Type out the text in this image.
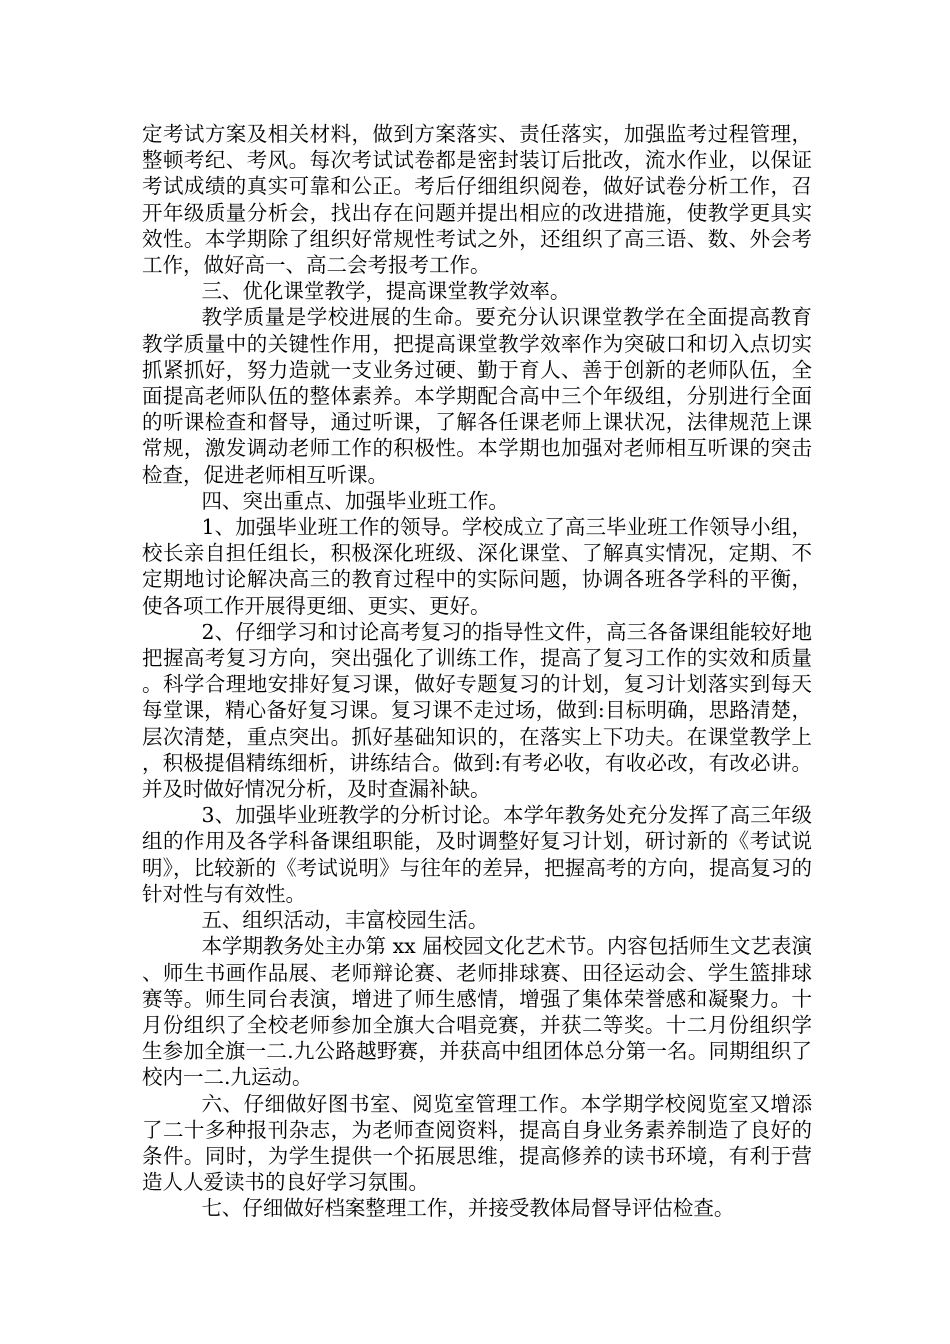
定考试方案及相关材料，做到方案落实、责任落实，加强监考过程管理，整顿考纪、考风。每次考试试卷都是密封装订后批改，流水作业，以保证考试成绩的真实可靠和公正。考后仔细组织阅卷，做好试卷分析工作，召开年级质量分析会，找出存在问题并提出相应的改进措施，使教学更具实效性。本学期除了组织好常规性考试之外，还组织了高三语、数、外会考工作，做好高一、高二会考报考工作。

三、优化课堂教学，提高课堂教学效率。

教学质量是学校进展的生命。要充分认识课堂教学在全面提高教育教学质量中的关键性作用，把提高课堂教学效率作为突破口和切入点切实抓紧抓好，努力造就一支业务过硬、勤于育人、善于创新的老师队伍，全面提高老师队伍的整体素养。本学期配合高中三个年级组，分别进行全面的听课检查和督导，通过听课，了解各任课老师上课状况，法律规范上课常规，激发调动老师工作的积极性。本学期也加强对老师相互听课的突击检查，促进老师相互听课。

四、突出重点、加强毕业班工作。

1、加强毕业班工作的领导。学校成立了高三毕业班工作领导小组，校长亲自担任组长，积极深化班级、深化课堂、了解真实情况，定期、不定期地讨论解决高三的教育过程中的实际问题，协调各班各学科的平衡，使各项工作开展得更细、更实、更好。

2、仔细学习和讨论高考复习的指导性文件，高三各备课组能较好地把握高考复习方向，突出强化了训练工作，提高了复习工作的实效和质量。科学合理地安排好复习课，做好专题复习的计划，复习计划落实到每天每堂课，精心备好复习课。复习课不走过场，做到:目标明确，思路清楚，层次清楚，重点突出。抓好基础知识的，在落实上下功夫。在课堂教学上，积极提倡精练细析，讲练结合。做到:有考必收，有收必改，有改必讲。并及时做好情况分析，及时查漏补缺。

3、加强毕业班教学的分析讨论。本学年教务处充分发挥了高三年级组的作用及各学科备课组职能，及时调整好复习计划，研讨新的《考试说明》，比较新的《考试说明》与往年的差异，把握高考的方向，提高复习的针对性与有效性。

五、组织活动，丰富校园生活。

本学期教务处主办第 xx 届校园文化艺术节。内容包括师生文艺表演、师生书画作品展、老师辩论赛、老师排球赛、田径运动会、学生篮排球赛等。师生同台表演，增进了师生感情，增强了集体荣誉感和凝聚力。十月份组织了全校老师参加全旗大合唱竞赛，并获二等奖。十二月份组织学生参加全旗一二.九公路越野赛，并获高中组团体总分第一名。同期组织了校内一二.九运动。

六、仔细做好图书室、阅览室管理工作。本学期学校阅览室又增添了二十多种报刊杂志，为老师查阅资料，提高自身业务素养制造了良好的条件。同时，为学生提供一个拓展思维，提高修养的读书环境，有利于营造人人爱读书的良好学习氛围。

七、仔细做好档案整理工作，并接受教体局督导评估检查。
